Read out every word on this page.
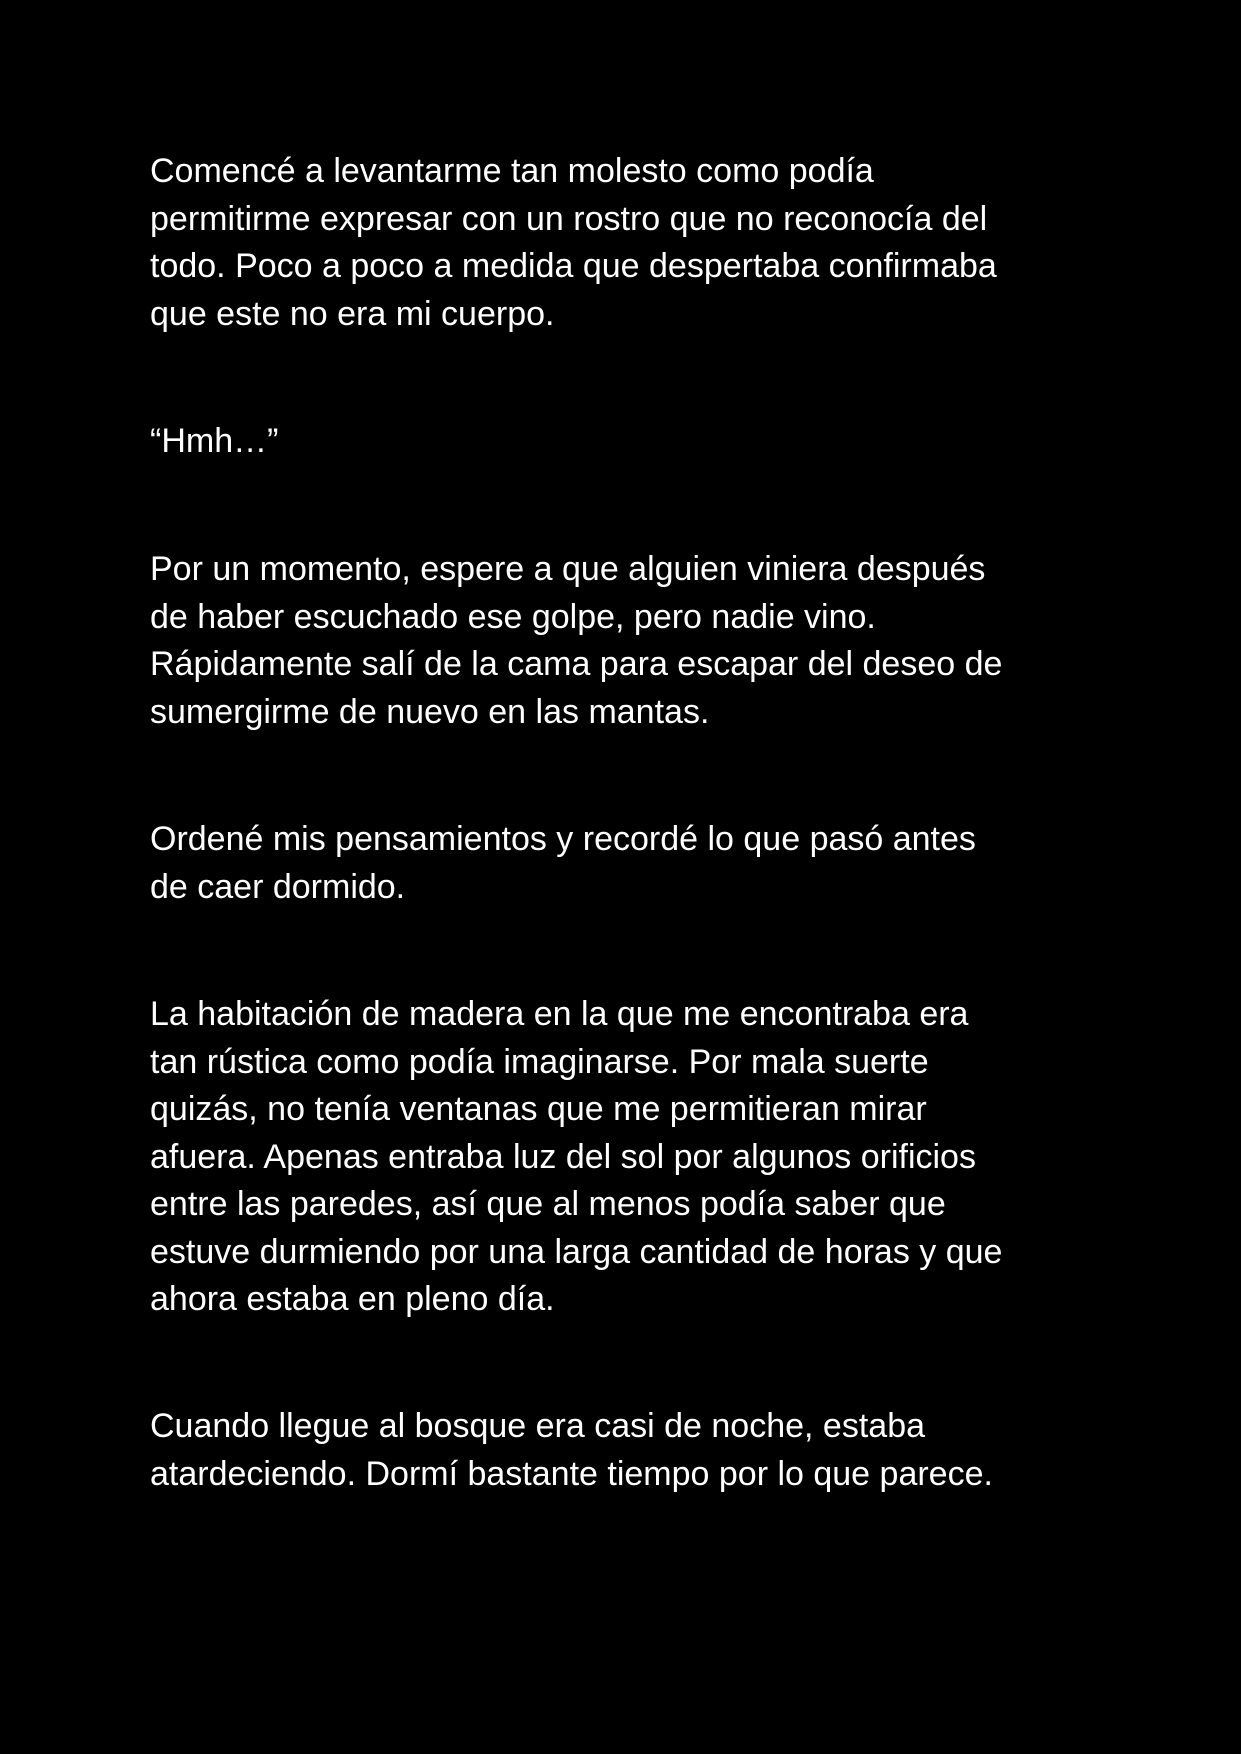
Comencé a levantarme tan molesto como podía
permitirme expresar con un rostro que no reconocía del
todo. Poco a poco a medida que despertaba confirmaba
que este no era mi cuerpo.

“Hmh…”

Por un momento, espere a que alguien viniera después
de haber escuchado ese golpe, pero nadie vino.
Rápidamente salí de la cama para escapar del deseo de
sumergirme de nuevo en las mantas.

Ordené mis pensamientos y recordé lo que pasó antes
de caer dormido.

La habitación de madera en la que me encontraba era
tan rústica como podía imaginarse. Por mala suerte
quizás, no tenía ventanas que me permitieran mirar
afuera. Apenas entraba luz del sol por algunos orificios
entre las paredes, así que al menos podía saber que
estuve durmiendo por una larga cantidad de horas y que
ahora estaba en pleno día.

Cuando llegue al bosque era casi de noche, estaba
atardeciendo. Dormí bastante tiempo por lo que parece.
